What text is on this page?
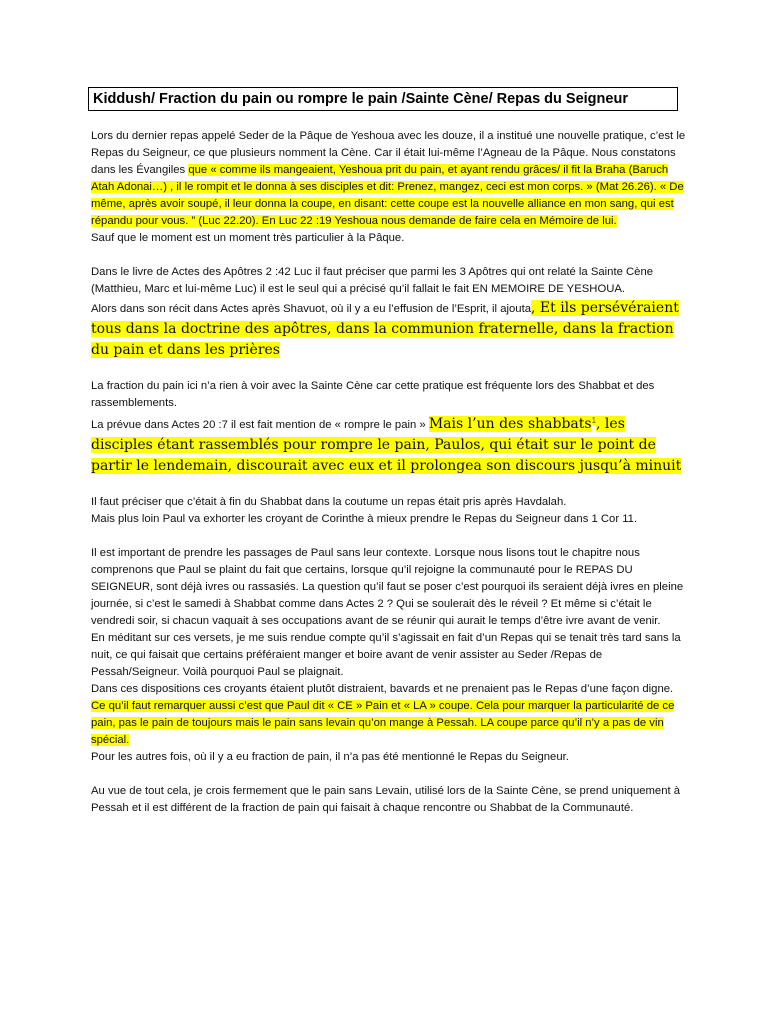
Kiddush/ Fraction du pain ou rompre le pain /Sainte Cène/ Repas du Seigneur

Lors du dernier repas appelé Seder de la Pâque de Yeshoua avec les douze, il a institué une nouvelle pratique, c’est le Repas du Seigneur, ce que plusieurs nomment la Cène. Car il était lui-même l’Agneau de la Pâque. Nous constatons dans les Évangiles que « comme ils mangeaient, Yeshoua prit du pain, et ayant rendu grâces/ il fit la Braha (Baruch Atah Adonai…) , il le rompit et le donna à ses disciples et dit: Prenez, mangez, ceci est mon corps. » (Mat 26.26). « De même, après avoir soupé, il leur donna la coupe, en disant: cette coupe est la nouvelle alliance en mon sang, qui est répandu pour vous. ” (Luc 22.20). En Luc 22 :19 Yeshoua nous demande de faire cela en Mémoire de lui.

Sauf que le moment est un moment très particulier à la Pâque.

Dans le livre de Actes des Apôtres 2 :42 Luc il faut préciser que parmi les 3 Apôtres qui ont relaté la Sainte Cène (Matthieu, Marc et lui-même Luc) il est le seul qui a précisé qu’il fallait le fait EN MEMOIRE DE YESHOUA.

Alors dans son récit dans Actes après Shavuot, où il y a eu l’effusion de l’Esprit, il ajouta, Et ils persévéraient tous dans la doctrine des apôtres, dans la communion fraternelle, dans la fraction du pain et dans les prières

La fraction du pain ici n’a rien à voir avec la Sainte Cène car cette pratique est fréquente lors des Shabbat et des rassemblements.

La prévue dans Actes 20 :7 il est fait mention de « rompre le pain » Mais l’un des shabbats$^1$, les disciples étant rassemblés pour rompre le pain, Paulos, qui était sur le point de partir le lendemain, discourait avec eux et il prolongea son discours jusqu’à minuit

Il faut préciser que c’était à fin du Shabbat dans la coutume un repas était pris après Havdalah.

Mais plus loin Paul va exhorter les croyant de Corinthe à mieux prendre le Repas du Seigneur dans 1 Cor 11.

Il est important de prendre les passages de Paul sans leur contexte. Lorsque nous lisons tout le chapitre nous comprenons que Paul se plaint du fait que certains, lorsque qu’il rejoigne la communauté pour le REPAS DU SEIGNEUR, sont déjà ivres ou rassasiés. La question qu’il faut se poser c’est pourquoi ils seraient déjà ivres en pleine journée, si c’est le samedi à Shabbat comme dans Actes 2 ? Qui se soulerait dès le réveil ? Et même si c’était le vendredi soir, si chacun vaquait à ses occupations avant de se réunir qui aurait le temps d’être ivre avant de venir.

En méditant sur ces versets, je me suis rendue compte qu’il s’agissait en fait d’un Repas qui se tenait très tard sans la nuit, ce qui faisait que certains préféraient manger et boire avant de venir assister au Seder /Repas de Pessah/Seigneur. Voilà pourquoi Paul se plaignait.

Dans ces dispositions ces croyants étaient plutôt distraient, bavards et ne prenaient pas le Repas d’une façon digne.

Ce qu’il faut remarquer aussi c’est que Paul dit « CE » Pain et « LA » coupe. Cela pour marquer la particularité de ce pain, pas le pain de toujours mais le pain sans levain qu’on mange à Pessah. LA coupe parce qu’il n’y a pas de vin spécial.

Pour les autres fois, où il y a eu fraction de pain, il n’a pas été mentionné le Repas du Seigneur.

Au vue de tout cela, je crois fermement que le pain sans Levain, utilisé lors de la Sainte Cène, se prend uniquement à Pessah et il est différent de la fraction de pain qui faisait à chaque rencontre ou Shabbat de la Communauté.
